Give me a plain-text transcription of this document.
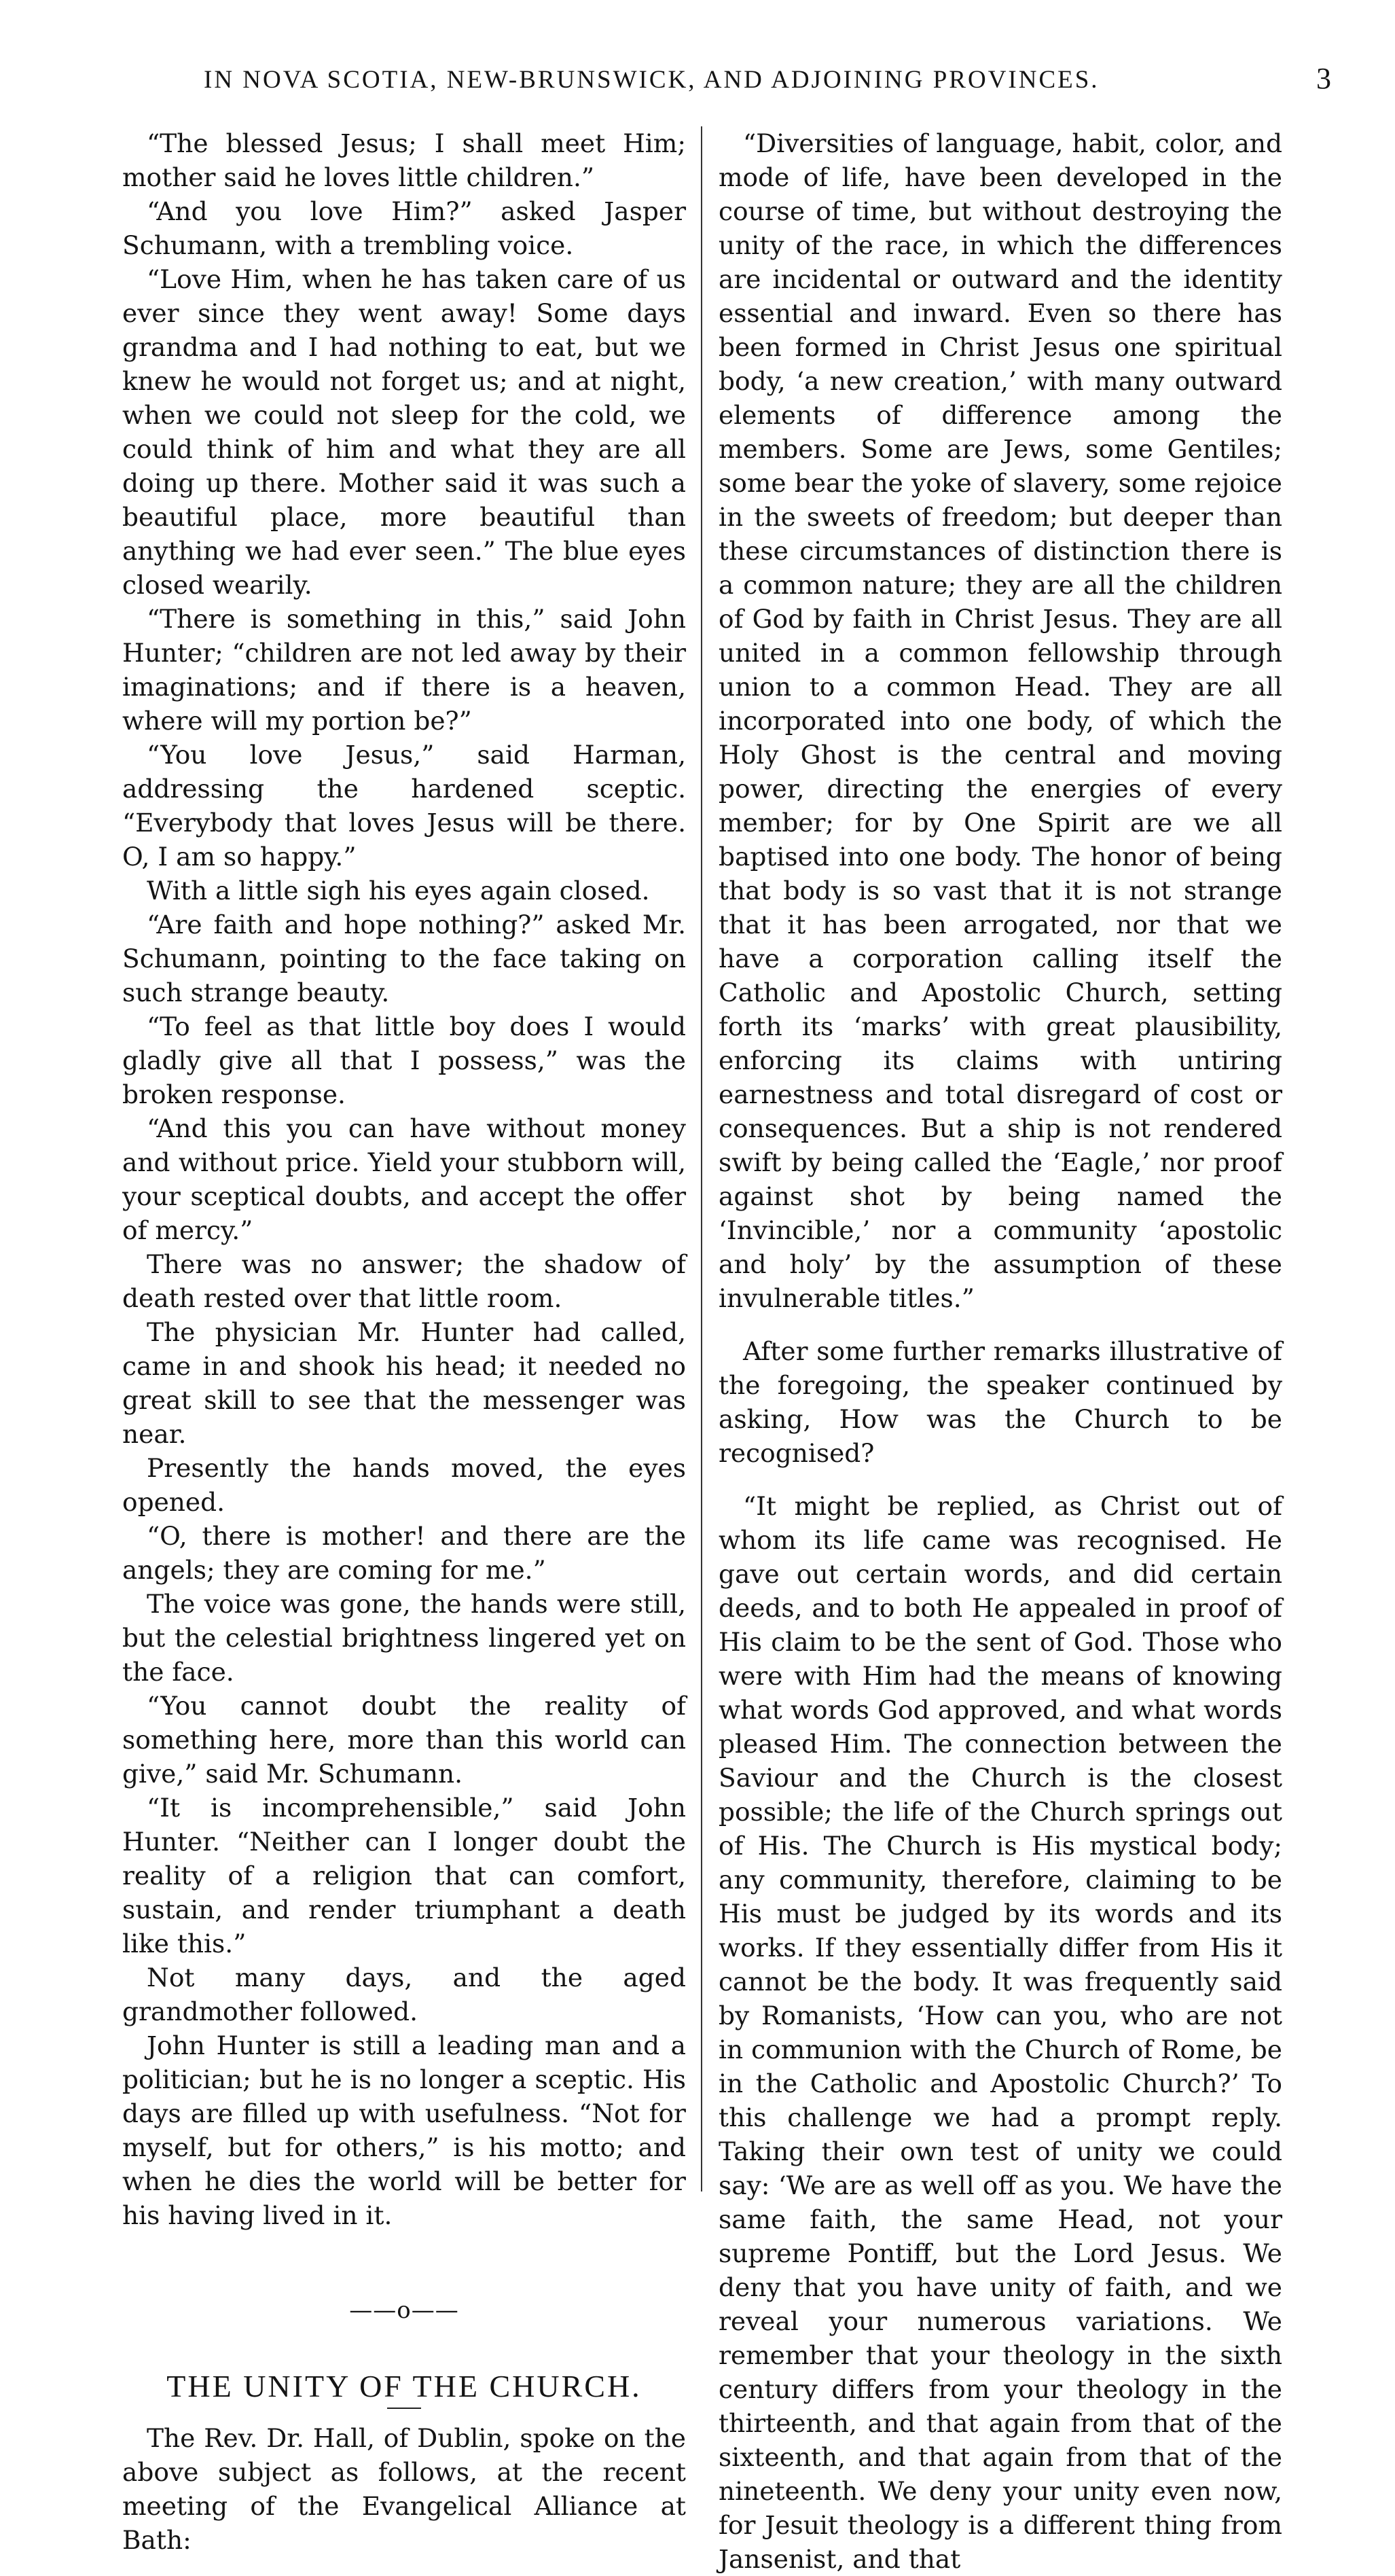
IN NOVA SCOTIA, NEW-BRUNSWICK, AND ADJOINING PROVINCES.	3

“The blessed Jesus; I shall meet Him; mother said he loves little children.”

“And you love Him?” asked Jasper Schumann, with a trembling voice.

“Love Him, when he has taken care of us ever since they went away! Some days grandma and I had nothing to eat, but we knew he would not forget us; and at night, when we could not sleep for the cold, we could think of him and what they are all doing up there. Mother said it was such a beautiful place, more beautiful than anything we had ever seen.” The blue eyes closed wearily.

“There is something in this,” said John Hunter; “children are not led away by their imaginations; and if there is a heaven, where will my portion be?”

“You love Jesus,” said Harman, addressing the hardened sceptic. “Everybody that loves Jesus will be there. O, I am so happy.”

With a little sigh his eyes again closed.

“Are faith and hope nothing?” asked Mr. Schumann, pointing to the face taking on such strange beauty.

“To feel as that little boy does I would gladly give all that I possess,” was the broken response.

“And this you can have without money and without price. Yield your stubborn will, your sceptical doubts, and accept the offer of mercy.”

There was no answer; the shadow of death rested over that little room.

The physician Mr. Hunter had called, came in and shook his head; it needed no great skill to see that the messenger was near.

Presently the hands moved, the eyes opened.

“O, there is mother! and there are the angels; they are coming for me.”

The voice was gone, the hands were still, but the celestial brightness lingered yet on the face.

“You cannot doubt the reality of something here, more than this world can give,” said Mr. Schumann.

“It is incomprehensible,” said John Hunter. “Neither can I longer doubt the reality of a religion that can comfort, sustain, and render triumphant a death like this.”

Not many days, and the aged grandmother followed.

John Hunter is still a leading man and a politician; but he is no longer a sceptic. His days are filled up with usefulness. “Not for myself, but for others,” is his motto; and when he dies the world will be better for his having lived in it.

——o——
THE UNITY OF THE CHURCH.

The Rev. Dr. Hall, of Dublin, spoke on the above subject as follows, at the recent meeting of the Evangelical Alliance at Bath:

“Diversities of language, habit, color, and mode of life, have been developed in the course of time, but without destroying the unity of the race, in which the differences are incidental or outward and the identity essential and inward. Even so there has been formed in Christ Jesus one spiritual body, ‘a new creation,’ with many outward elements of difference among the members. Some are Jews, some Gentiles; some bear the yoke of slavery, some rejoice in the sweets of freedom; but deeper than these circumstances of distinction there is a common nature; they are all the children of God by faith in Christ Jesus. They are all united in a common fellowship through union to a common Head. They are all incorporated into one body, of which the Holy Ghost is the central and moving power, directing the energies of every member; for by One Spirit are we all baptised into one body. The honor of being that body is so vast that it is not strange that it has been arrogated, nor that we have a corporation calling itself the Catholic and Apostolic Church, setting forth its ‘marks’ with great plausibility, enforcing its claims with untiring earnestness and total disregard of cost or consequences. But a ship is not rendered swift by being called the ‘Eagle,’ nor proof against shot by being named the ‘Invincible,’ nor a community ‘apostolic and holy’ by the assumption of these invulnerable titles.”

After some further remarks illustrative of the foregoing, the speaker continued by asking, How was the Church to be recognised?

“It might be replied, as Christ out of whom its life came was recognised. He gave out certain words, and did certain deeds, and to both He appealed in proof of His claim to be the sent of God. Those who were with Him had the means of knowing what words God approved, and what words pleased Him. The connection between the Saviour and the Church is the closest possible; the life of the Church springs out of His. The Church is His mystical body; any community, therefore, claiming to be His must be judged by its words and its works. If they essentially differ from His it cannot be the body. It was frequently said by Romanists, ‘How can you, who are not in communion with the Church of Rome, be in the Catholic and Apostolic Church?’ To this challenge we had a prompt reply. Taking their own test of unity we could say: ‘We are as well off as you. We have the same faith, the same Head, not your supreme Pontiff, but the Lord Jesus. We deny that you have unity of faith, and we reveal your numerous variations. We remember that your theology in the sixth century differs from your theology in the thirteenth, and that again from that of the sixteenth, and that again from that of the nineteenth. We deny your unity even now, for Jesuit theology is a different thing from Jansenist, and that
